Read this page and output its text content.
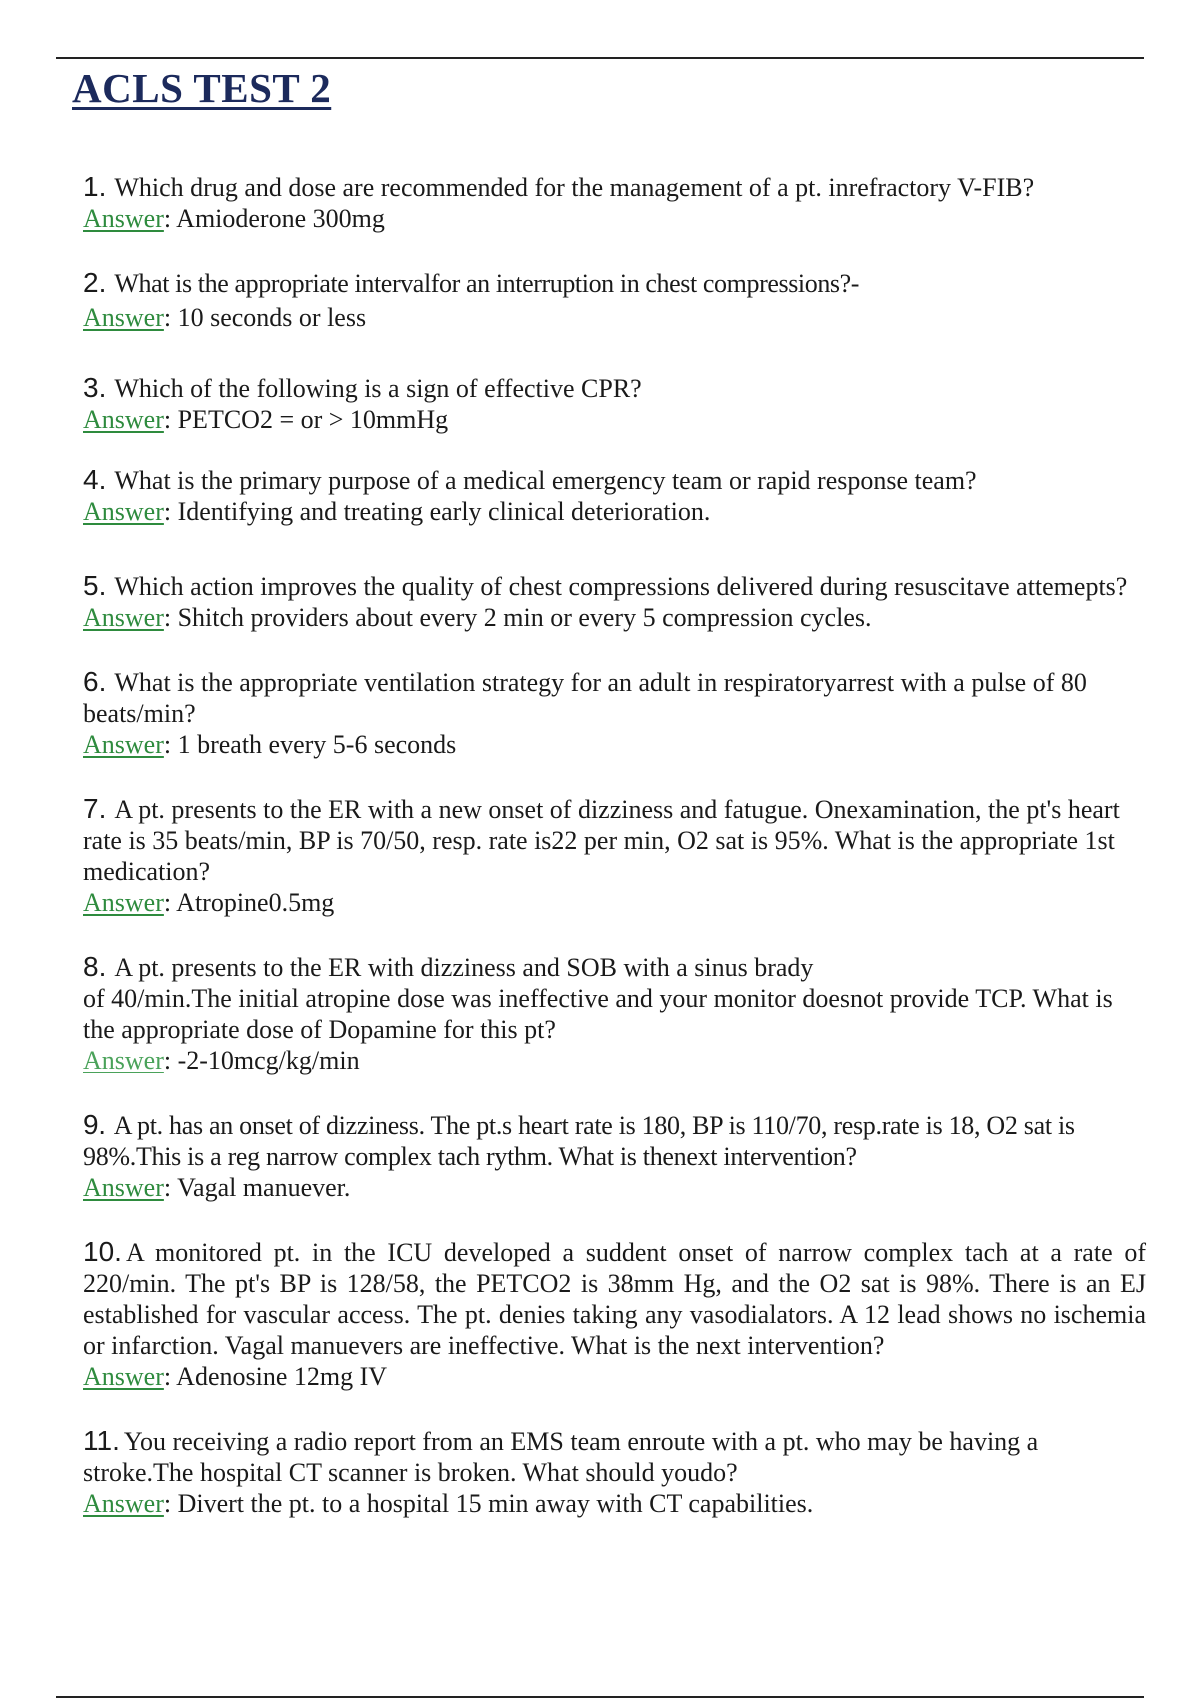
ACLS TEST 2

1. Which drug and dose are recommended for the management of a pt. inrefractory V-FIB?

Answer: Amioderone 300mg

2. What is the appropriate intervalfor an interruption in chest compressions?-

Answer: 10 seconds or less

3. Which of the following is a sign of effective CPR?

Answer: PETCO2 = or > 10mmHg

4. What is the primary purpose of a medical emergency team or rapid response team?

Answer: Identifying and treating early clinical deterioration.

5. Which action improves the quality of chest compressions delivered during resuscitave attemepts?

Answer: Shitch providers about every 2 min or every 5 compression cycles.

6. What is the appropriate ventilation strategy for an adult in respiratoryarrest with a pulse of 80 beats/min?

Answer: 1 breath every 5-6 seconds

7. A pt. presents to the ER with a new onset of dizziness and fatugue. Onexamination, the pt's heart rate is 35 beats/min, BP is 70/50, resp. rate is22 per min, O2 sat is 95%. What is the appropriate 1st medication?

Answer: Atropine0.5mg

8. A pt. presents to the ER with dizziness and SOB with a sinus brady
of 40/min.The initial atropine dose was ineffective and your monitor doesnot provide TCP. What is the appropriate dose of Dopamine for this pt?

Answer: -2-10mcg/kg/min

9. A pt. has an onset of dizziness. The pt.s heart rate is 180, BP is 110/70, resp.rate is 18, O2 sat is 98%.This is a reg narrow complex tach rythm. What is thenext intervention?

Answer: Vagal manuever.

10. A monitored pt. in the ICU developed a suddent onset of narrow complex tach at a rate of 220/min. The pt's BP is 128/58, the PETCO2 is 38mm Hg, and the O2 sat is 98%. There is an EJ established for vascular access. The pt. denies taking any vasodialators. A 12 lead shows no ischemia or infarction. Vagal manuevers are ineffective. What is the next intervention?

Answer: Adenosine 12mg IV

11. You receiving a radio report from an EMS team enroute with a pt. who may be having a stroke.The hospital CT scanner is broken. What should youdo?

Answer: Divert the pt. to a hospital 15 min away with CT capabilities.
